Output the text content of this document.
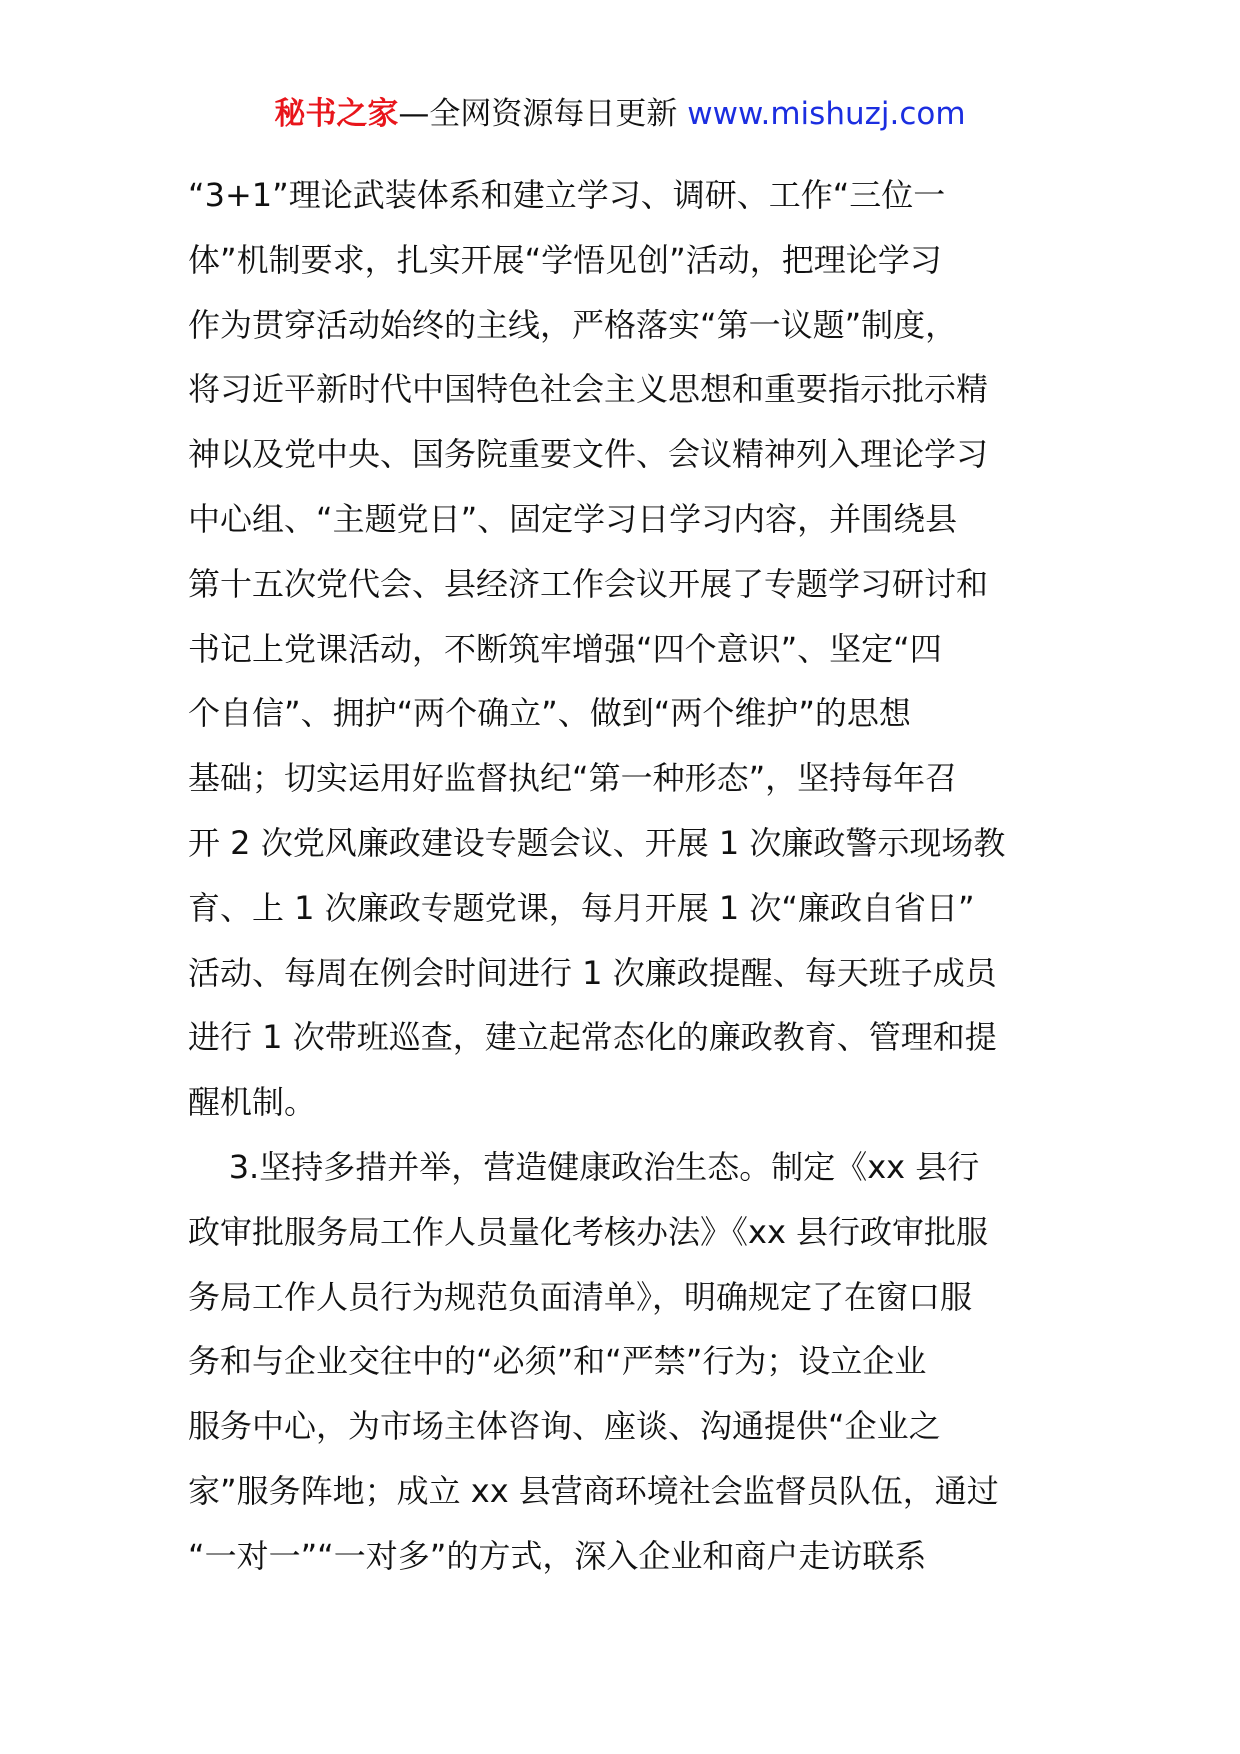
秘书之家—全网资源每日更新 www.mishuzj.com
“3+1”理论武装体系和建立学习、调研、工作“三位一
体”机制要求，扎实开展“学悟见创”活动，把理论学习
作为贯穿活动始终的主线，严格落实“第一议题”制度，
将习近平新时代中国特色社会主义思想和重要指示批示精
神以及党中央、国务院重要文件、会议精神列入理论学习
中心组、“主题党日”、固定学习日学习内容，并围绕县
第十五次党代会、县经济工作会议开展了专题学习研讨和
书记上党课活动，不断筑牢增强“四个意识”、坚定“四
个自信”、拥护“两个确立”、做到“两个维护”的思想
基础；切实运用好监督执纪“第一种形态”，坚持每年召
开 2 次党风廉政建设专题会议、开展 1 次廉政警示现场教
育、上 1 次廉政专题党课，每月开展 1 次“廉政自省日”
活动、每周在例会时间进行 1 次廉政提醒、每天班子成员
进行 1 次带班巡查，建立起常态化的廉政教育、管理和提
醒机制。
3.坚持多措并举，营造健康政治生态。制定《xx 县行
政审批服务局工作人员量化考核办法》《xx 县行政审批服
务局工作人员行为规范负面清单》，明确规定了在窗口服
务和与企业交往中的“必须”和“严禁”行为；设立企业
服务中心，为市场主体咨询、座谈、沟通提供“企业之
家”服务阵地；成立 xx 县营商环境社会监督员队伍，通过
“一对一”“一对多”的方式，深入企业和商户走访联系
